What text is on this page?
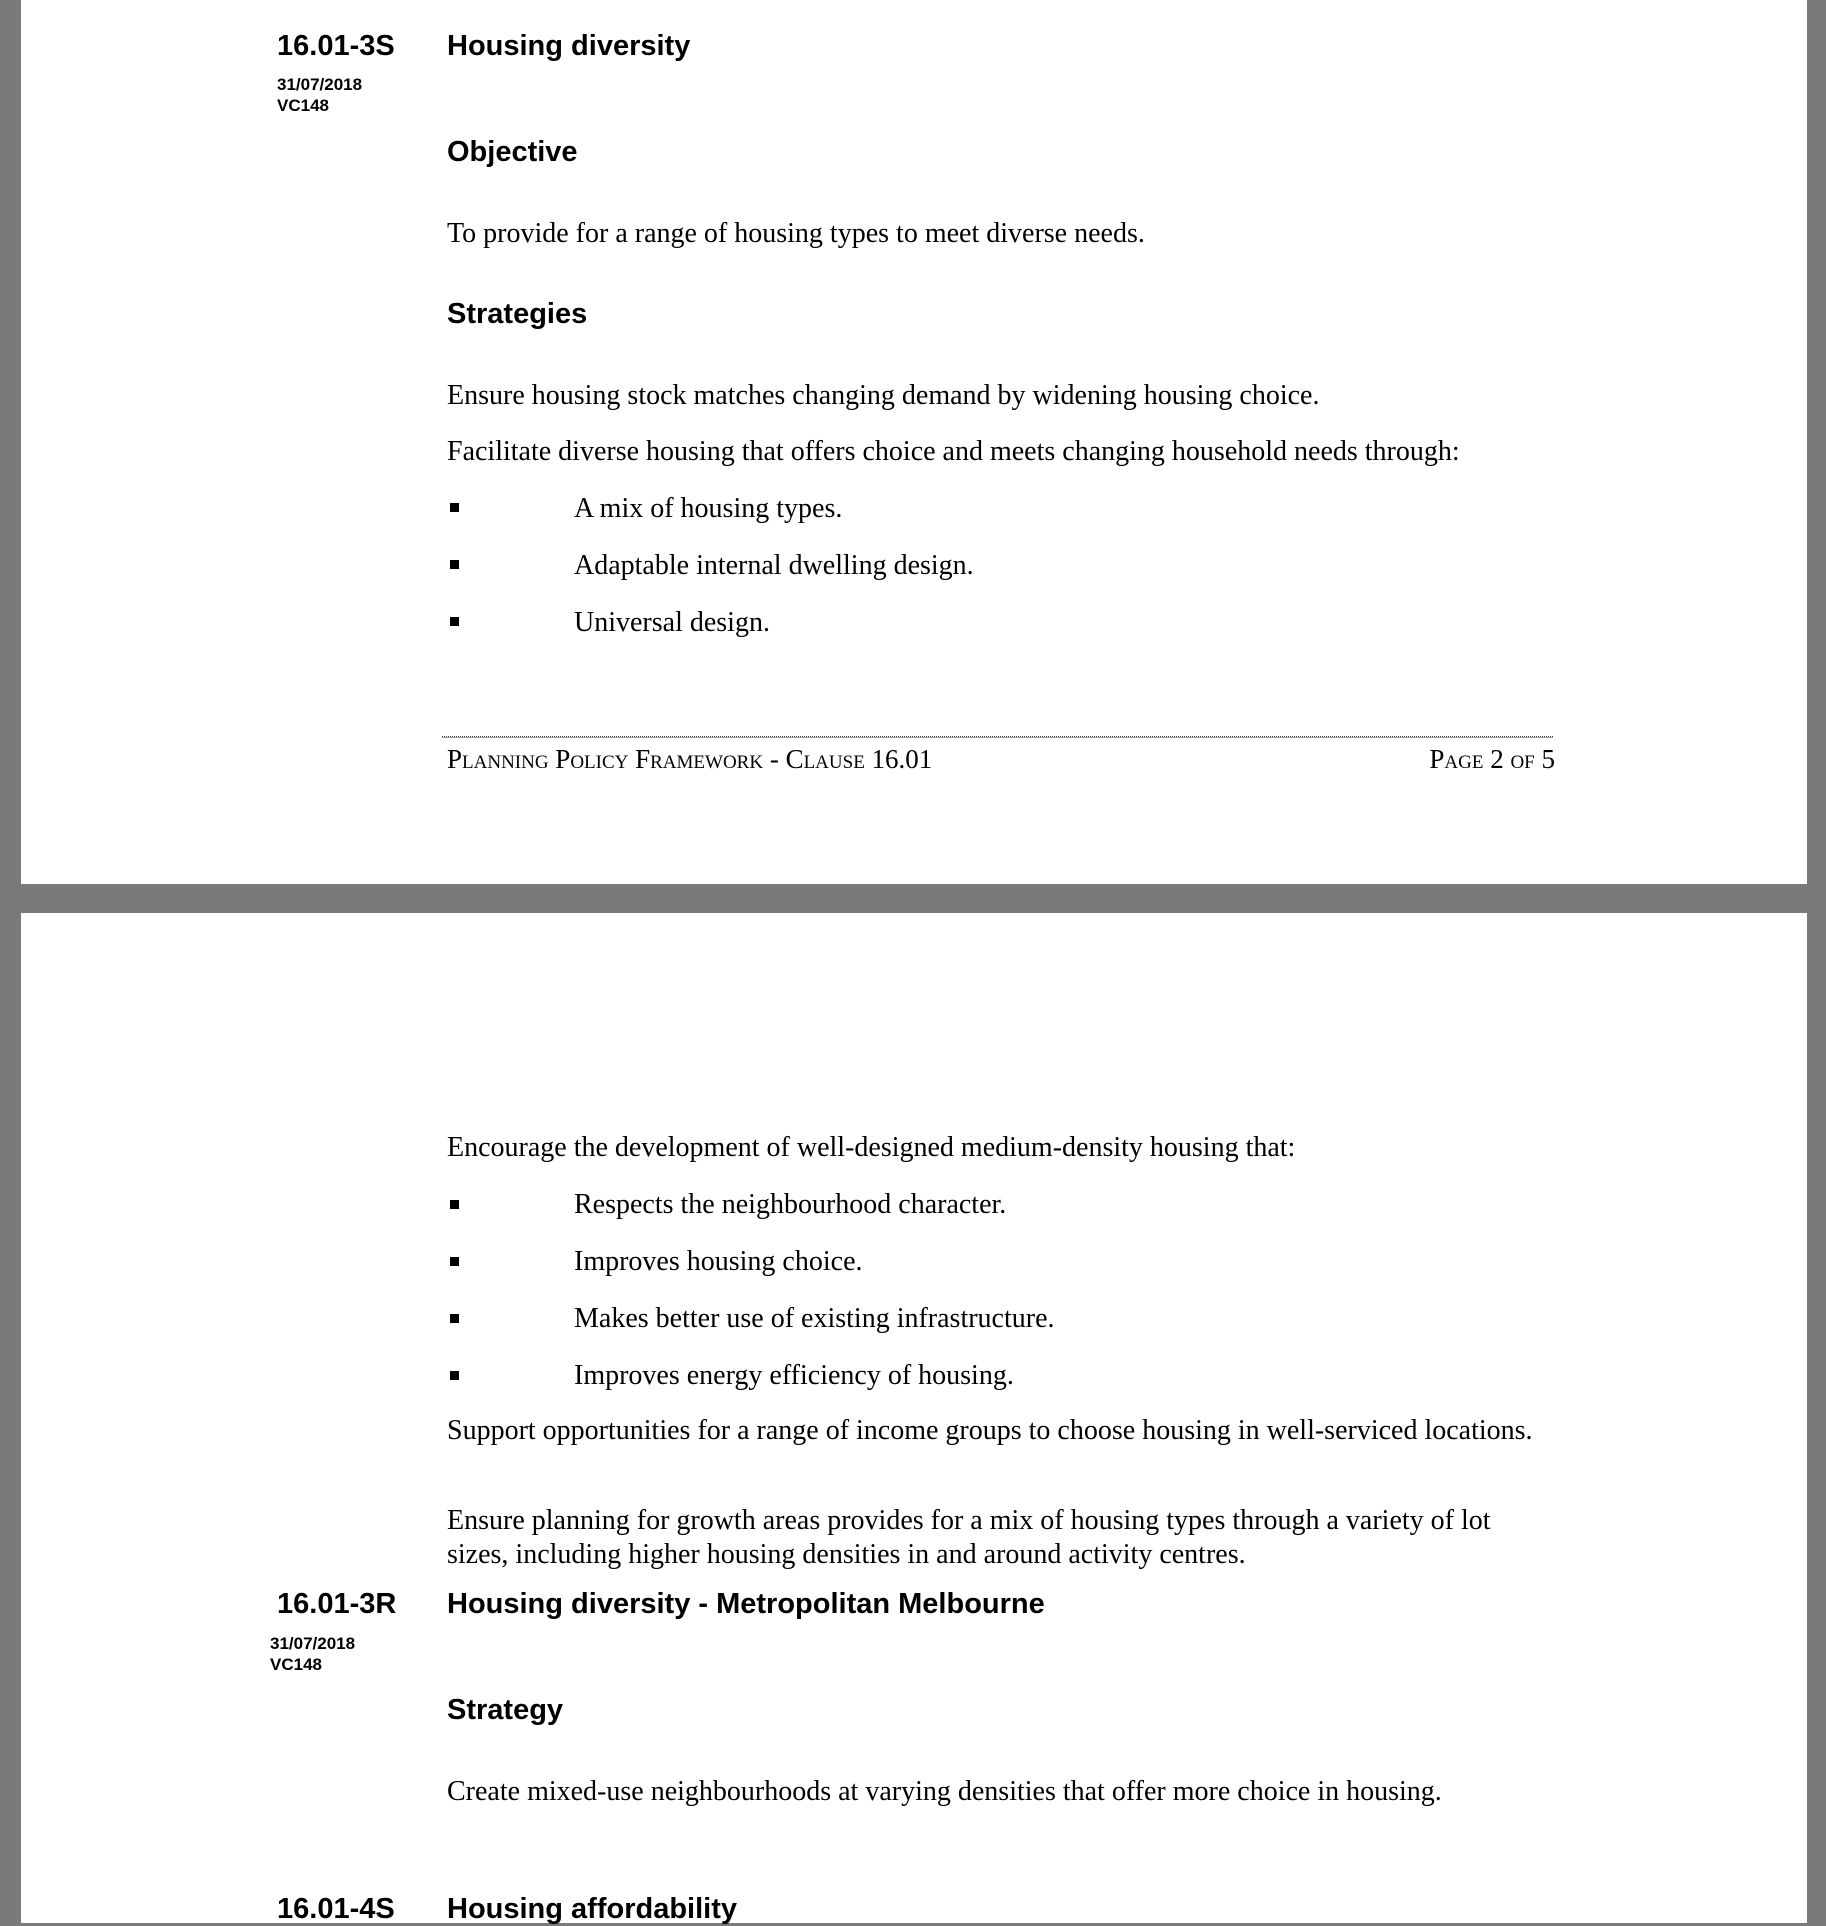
16.01-3S
31/07/2018
VC148
Housing diversity
Objective
To provide for a range of housing types to meet diverse needs.
Strategies
Ensure housing stock matches changing demand by widening housing choice.
Facilitate diverse housing that offers choice and meets changing household needs through:
A mix of housing types.
Adaptable internal dwelling design.
Universal design.
Planning Policy Framework - Clause 16.01	Page 2 of 5
Encourage the development of well-designed medium-density housing that:
Respects the neighbourhood character.
Improves housing choice.
Makes better use of existing infrastructure.
Improves energy efficiency of housing.
Support opportunities for a range of income groups to choose housing in well-serviced locations.
Ensure planning for growth areas provides for a mix of housing types through a variety of lot sizes, including higher housing densities in and around activity centres.
16.01-3R
31/07/2018
VC148
Housing diversity - Metropolitan Melbourne
Strategy
Create mixed-use neighbourhoods at varying densities that offer more choice in housing.
16.01-4S Housing affordability
